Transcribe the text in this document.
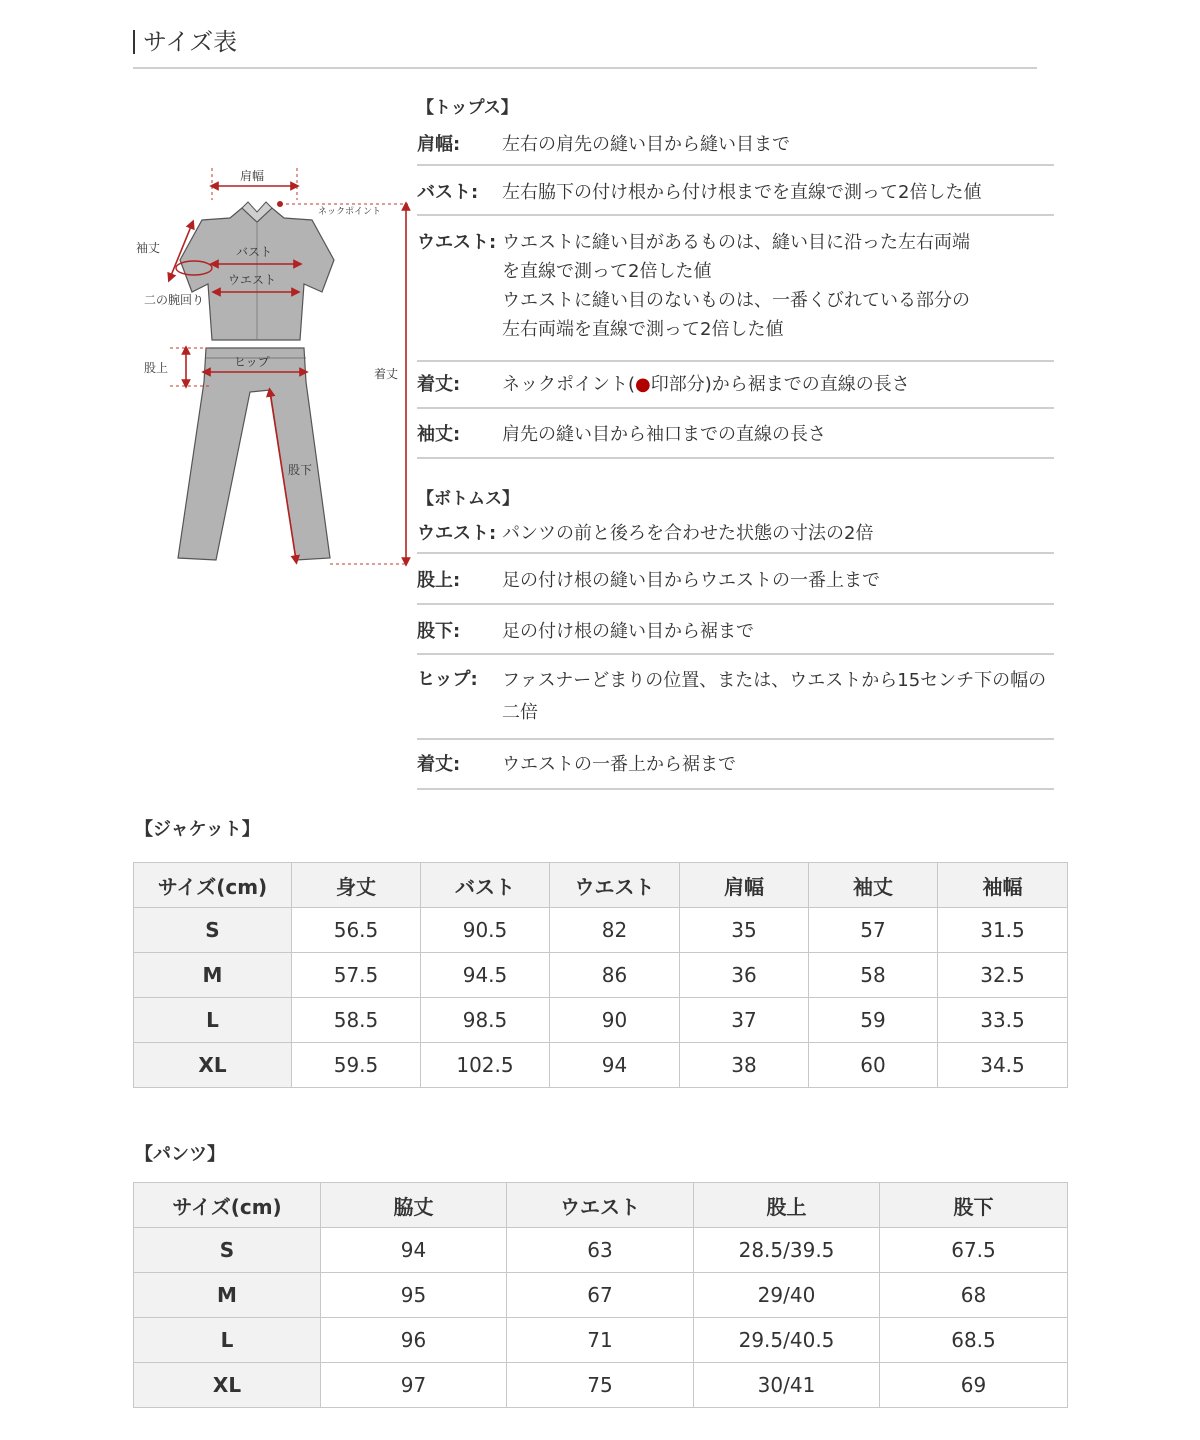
サイズ表
肩幅
ネックポイント
袖丈	バスト
ウエスト
二の腕回り
股上	ヒップ
着丈
股下
【トップス】
肩幅:	左右の肩先の縫い目から縫い目まで
バスト:	左右脇下の付け根から付け根までを直線で測って2倍した値
ウエスト: ウエストに縫い目があるものは、縫い目に沿った左右両端
を直線で測って2倍した値
ウエストに縫い目のないものは、一番くびれている部分の
左右両端を直線で測って2倍した値
着丈:	ネックポイント(●印部分)から裾までの直線の長さ
袖丈:	肩先の縫い目から袖口までの直線の長さ
【ボトムス】
ウエスト: パンツの前と後ろを合わせた状態の寸法の2倍
股上:	足の付け根の縫い目からウエストの一番上まで
股下:	足の付け根の縫い目から裾まで
ヒップ:	ファスナーどまりの位置、または、ウエストから15センチ下の幅の
二倍
着丈:	ウエストの一番上から裾まで
【ジャケット】
サイズ(cm)	身丈	バスト	ウエスト	肩幅	袖丈	袖幅
S	56.5	90.5	82	35	57	31.5
M	57.5	94.5	86	36	58	32.5
L	58.5	98.5	90	37	59	33.5
XL	59.5	102.5	94	38	60	34.5
【パンツ】
サイズ(cm)	脇丈	ウエスト	股上	股下
S	94	63	28.5/39.5	67.5
M	95	67	29/40	68
L	96	71	29.5/40.5	68.5
XL	97	75	30/41	69
